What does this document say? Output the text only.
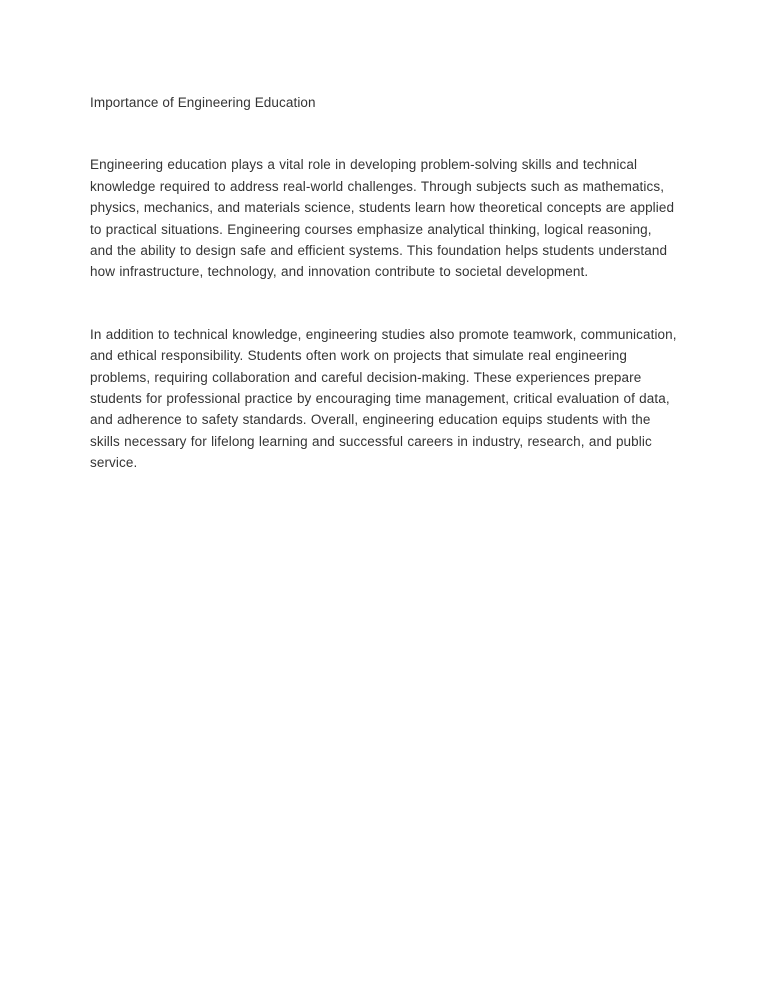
Importance of Engineering Education

Engineering education plays a vital role in developing problem-solving skills and technical knowledge required to address real-world challenges. Through subjects such as mathematics, physics, mechanics, and materials science, students learn how theoretical concepts are applied to practical situations. Engineering courses emphasize analytical thinking, logical reasoning, and the ability to design safe and efficient systems. This foundation helps students understand how infrastructure, technology, and innovation contribute to societal development.

In addition to technical knowledge, engineering studies also promote teamwork, communication, and ethical responsibility. Students often work on projects that simulate real engineering problems, requiring collaboration and careful decision-making. These experiences prepare students for professional practice by encouraging time management, critical evaluation of data, and adherence to safety standards. Overall, engineering education equips students with the skills necessary for lifelong learning and successful careers in industry, research, and public service.
